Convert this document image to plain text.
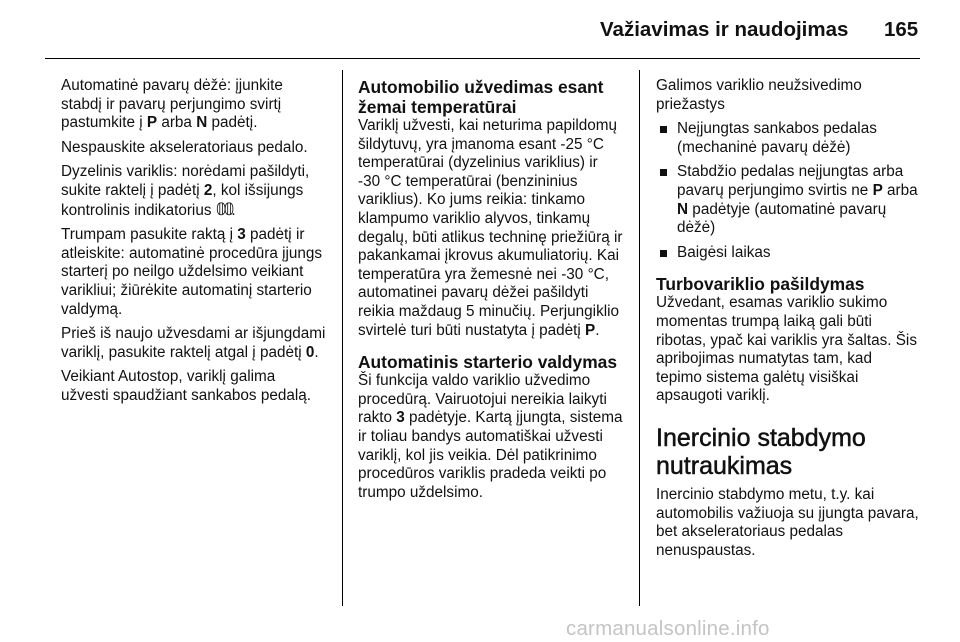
Važiavimas ir naudojimas 165

Automatinė pavarų dėžė: įjunkite stabdį ir pavarų perjungimo svirtį pastumkite į P arba N padėtį.

Nespauskite akseleratoriaus pedalo.

Dyzelinis variklis: norėdami pašildyti, sukite raktelį į padėtį 2, kol išsijungs kontrolinis indikatorius 𝟘𝟘.

Trumpam pasukite raktą į 3 padėtį ir atleiskite: automatinė procedūra įjungs starterį po neilgo uždelsimo veikiant varikliui; žiūrėkite automatinį starterio valdymą.

Prieš iš naujo užvesdami ar išjungdami variklį, pasukite raktelį atgal į padėtį 0.

Veikiant Autostop, variklį galima užvesti spaudžiant sankabos pedalą.

Automobilio užvedimas esant žemai temperatūrai

Variklį užvesti, kai neturima papildomų šildytuvų, yra įmanoma esant -25 °C temperatūrai (dyzelinius variklius) ir -30 °C temperatūrai (benzininius variklius). Ko jums reikia: tinkamo klampumo variklio alyvos, tinkamų degalų, būti atlikus techninę priežiūrą ir pakankamai įkrovus akumuliatorių. Kai temperatūra yra žemesnė nei -30 °C, automatinei pavarų dėžei pašildyti reikia maždaug 5 minučių. Perjungiklio svirtelė turi būti nustatyta į padėtį P.

Automatinis starterio valdymas

Ši funkcija valdo variklio užvedimo procedūrą. Vairuotojui nereikia laikyti rakto 3 padėtyje. Kartą įjungta, sistema ir toliau bandys automatiškai užvesti variklį, kol jis veikia. Dėl patikrinimo procedūros variklis pradeda veikti po trumpo uždelsimo.

Galimos variklio neužsivedimo priežastys

Neįjungtas sankabos pedalas (mechaninė pavarų dėžė)
Stabdžio pedalas neįjungtas arba pavarų perjungimo svirtis ne P arba N padėtyje (automatinė pavarų dėžė)
Baigėsi laikas
Turbovariklio pašildymas

Užvedant, esamas variklio sukimo momentas trumpą laiką gali būti ribotas, ypač kai variklis yra šaltas. Šis apribojimas numatytas tam, kad tepimo sistema galėtų visiškai apsaugoti variklį.

Inercinio stabdymo nutraukimas

Inercinio stabdymo metu, t.y. kai automobilis važiuoja su įjungta pavara, bet akseleratoriaus pedalas nenuspaustas.

carmanualsonline.info
